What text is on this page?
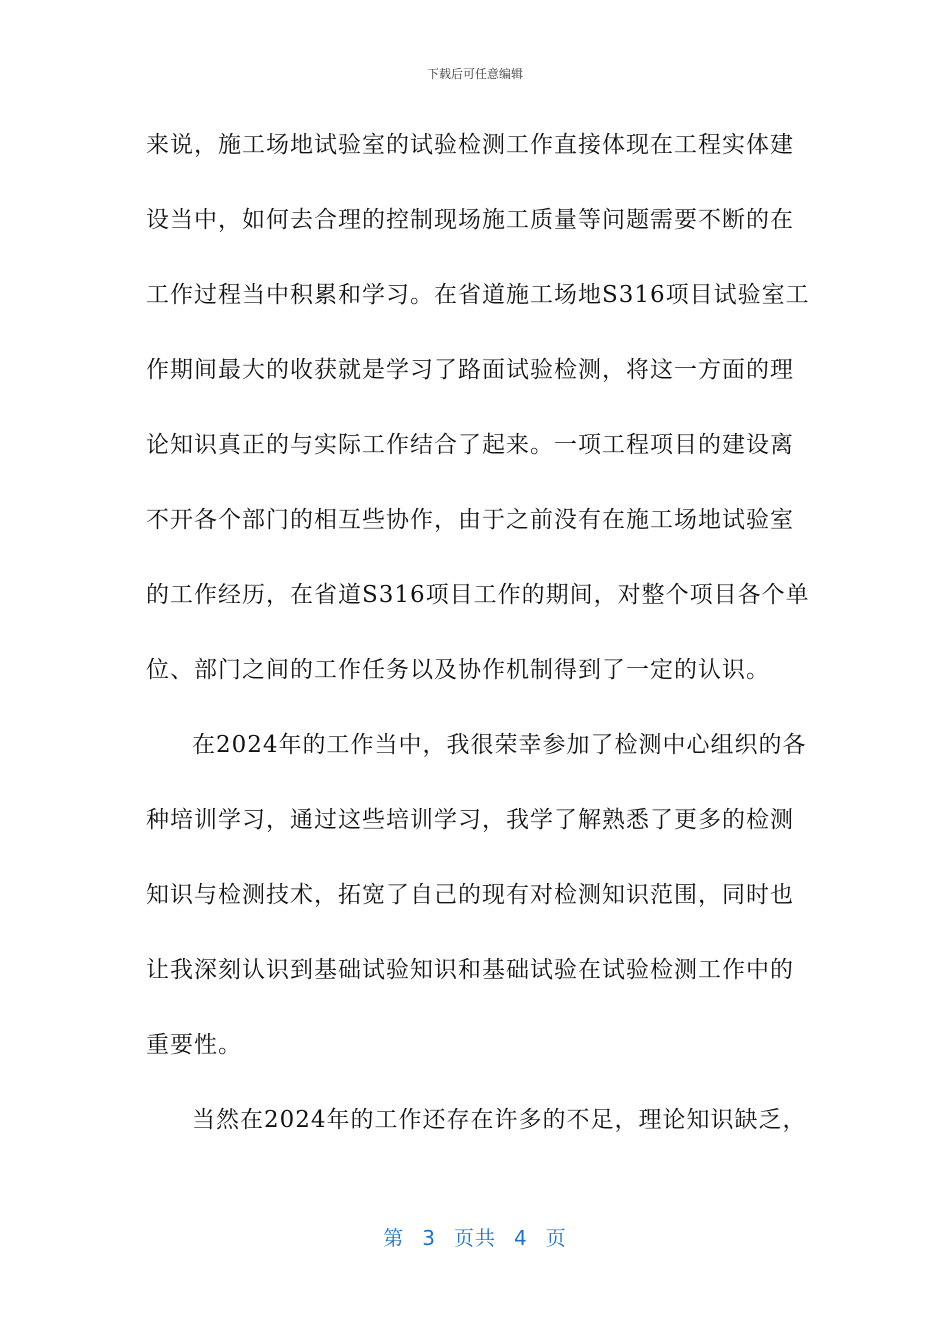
下载后可任意编辑
来说，施工场地试验室的试验检测工作直接体现在工程实体建
设当中，如何去合理的控制现场施工质量等问题需要不断的在
工作过程当中积累和学习。在省道施工场地S316项目试验室工
作期间最大的收获就是学习了路面试验检测，将这一方面的理
论知识真正的与实际工作结合了起来。一项工程项目的建设离
不开各个部门的相互些协作，由于之前没有在施工场地试验室
的工作经历，在省道S316项目工作的期间，对整个项目各个单
位、部门之间的工作任务以及协作机制得到了一定的认识。
在2024年的工作当中，我很荣幸参加了检测中心组织的各
种培训学习，通过这些培训学习，我学了解熟悉了更多的检测
知识与检测技术，拓宽了自己的现有对检测知识范围，同时也
让我深刻认识到基础试验知识和基础试验在试验检测工作中的
重要性。
当然在2024年的工作还存在许多的不足，理论知识缺乏，
第 3 页共 4 页
